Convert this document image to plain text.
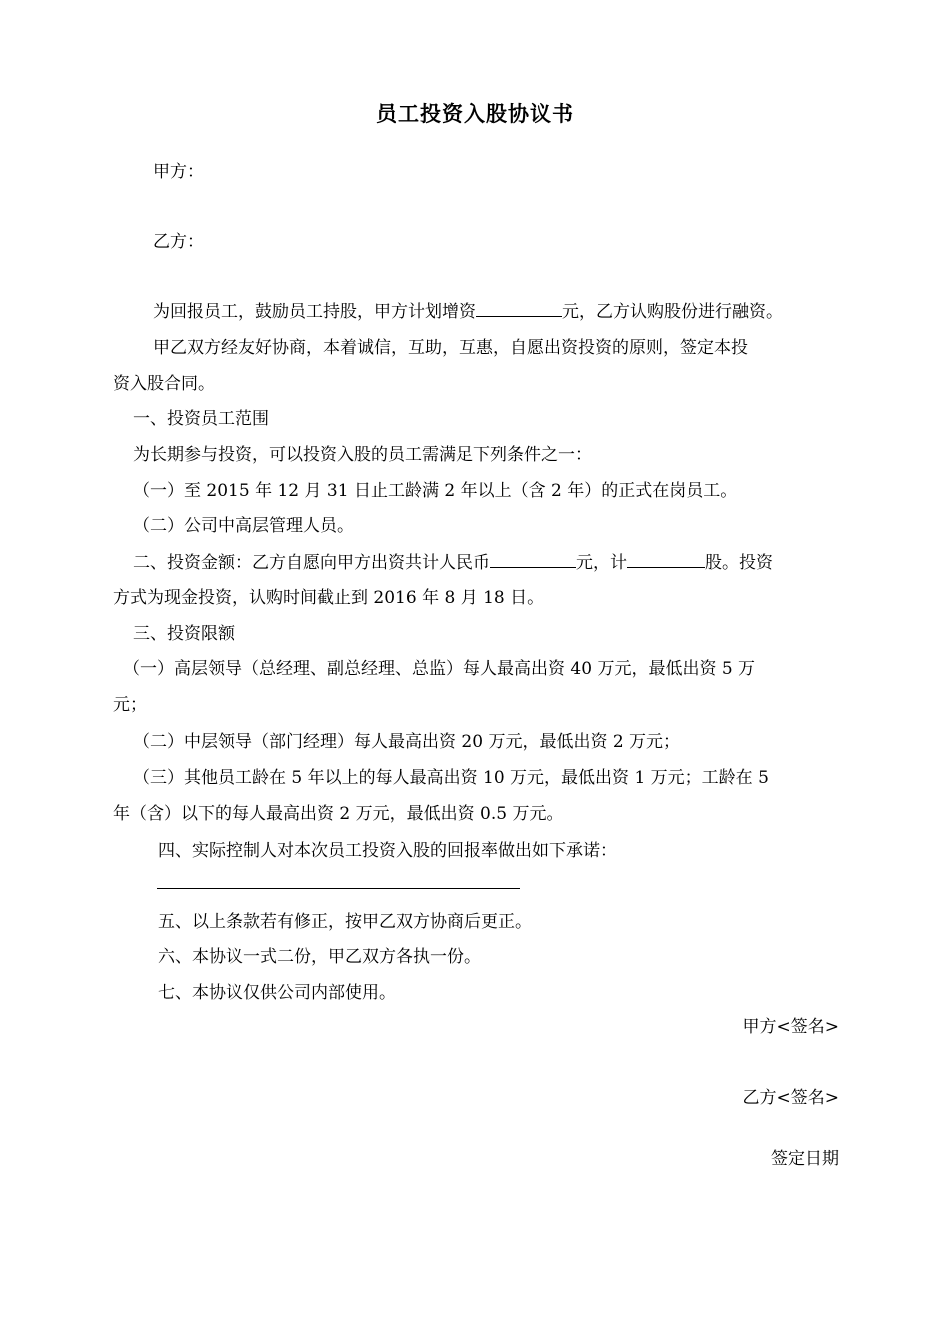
员工投资入股协议书
甲方：
乙方：
为回报员工，鼓励员工持股，甲方计划增资	元，乙方认购股份进行融资。
甲乙双方经友好协商，本着诚信，互助，互惠，自愿出资投资的原则，签定本投
资入股合同。
一、投资员工范围
为长期参与投资，可以投资入股的员工需满足下列条件之一：
（一）至 2015 年 12 月 31 日止工龄满 2 年以上（含 2 年）的正式在岗员工。
（二）公司中高层管理人员。
二、投资金额：乙方自愿向甲方出资共计人民币	元，计	股。投资
方式为现金投资，认购时间截止到 2016 年 8 月 18 日。
三、投资限额
（一）高层领导（总经理、副总经理、总监）每人最高出资 40 万元，最低出资 5 万
元；
（二）中层领导（部门经理）每人最高出资 20 万元，最低出资 2 万元；
（三）其他员工龄在 5 年以上的每人最高出资 10 万元，最低出资 1 万元；工龄在 5
年（含）以下的每人最高出资 2 万元，最低出资 0.5 万元。
四、实际控制人对本次员工投资入股的回报率做出如下承诺：
五、以上条款若有修正，按甲乙双方协商后更正。
六、本协议一式二份，甲乙双方各执一份。
七、本协议仅供公司内部使用。
甲方<签名>
乙方<签名>
签定日期
